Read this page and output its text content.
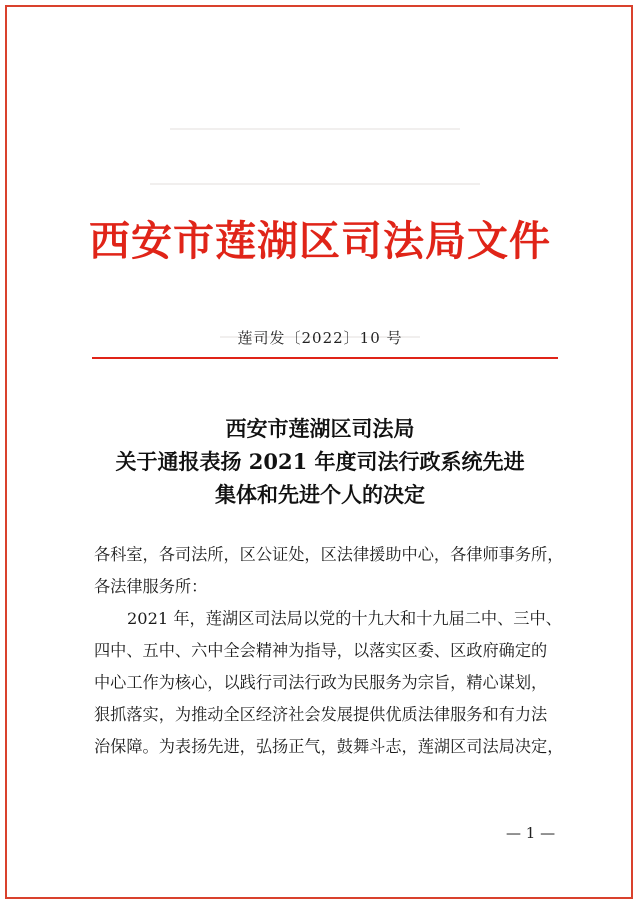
西安市莲湖区司法局文件
莲司发〔2022〕10 号
西安市莲湖区司法局
关于通报表扬 2021 年度司法行政系统先进
集体和先进个人的决定
各科室，各司法所，区公证处，区法律援助中心，各律师事务所，
各法律服务所：
2021 年，莲湖区司法局以党的十九大和十九届二中、三中、
四中、五中、六中全会精神为指导，以落实区委、区政府确定的
中心工作为核心，以践行司法行政为民服务为宗旨，精心谋划，
狠抓落实，为推动全区经济社会发展提供优质法律服务和有力法
治保障。为表扬先进，弘扬正气，鼓舞斗志，莲湖区司法局决定，
— 1 —
